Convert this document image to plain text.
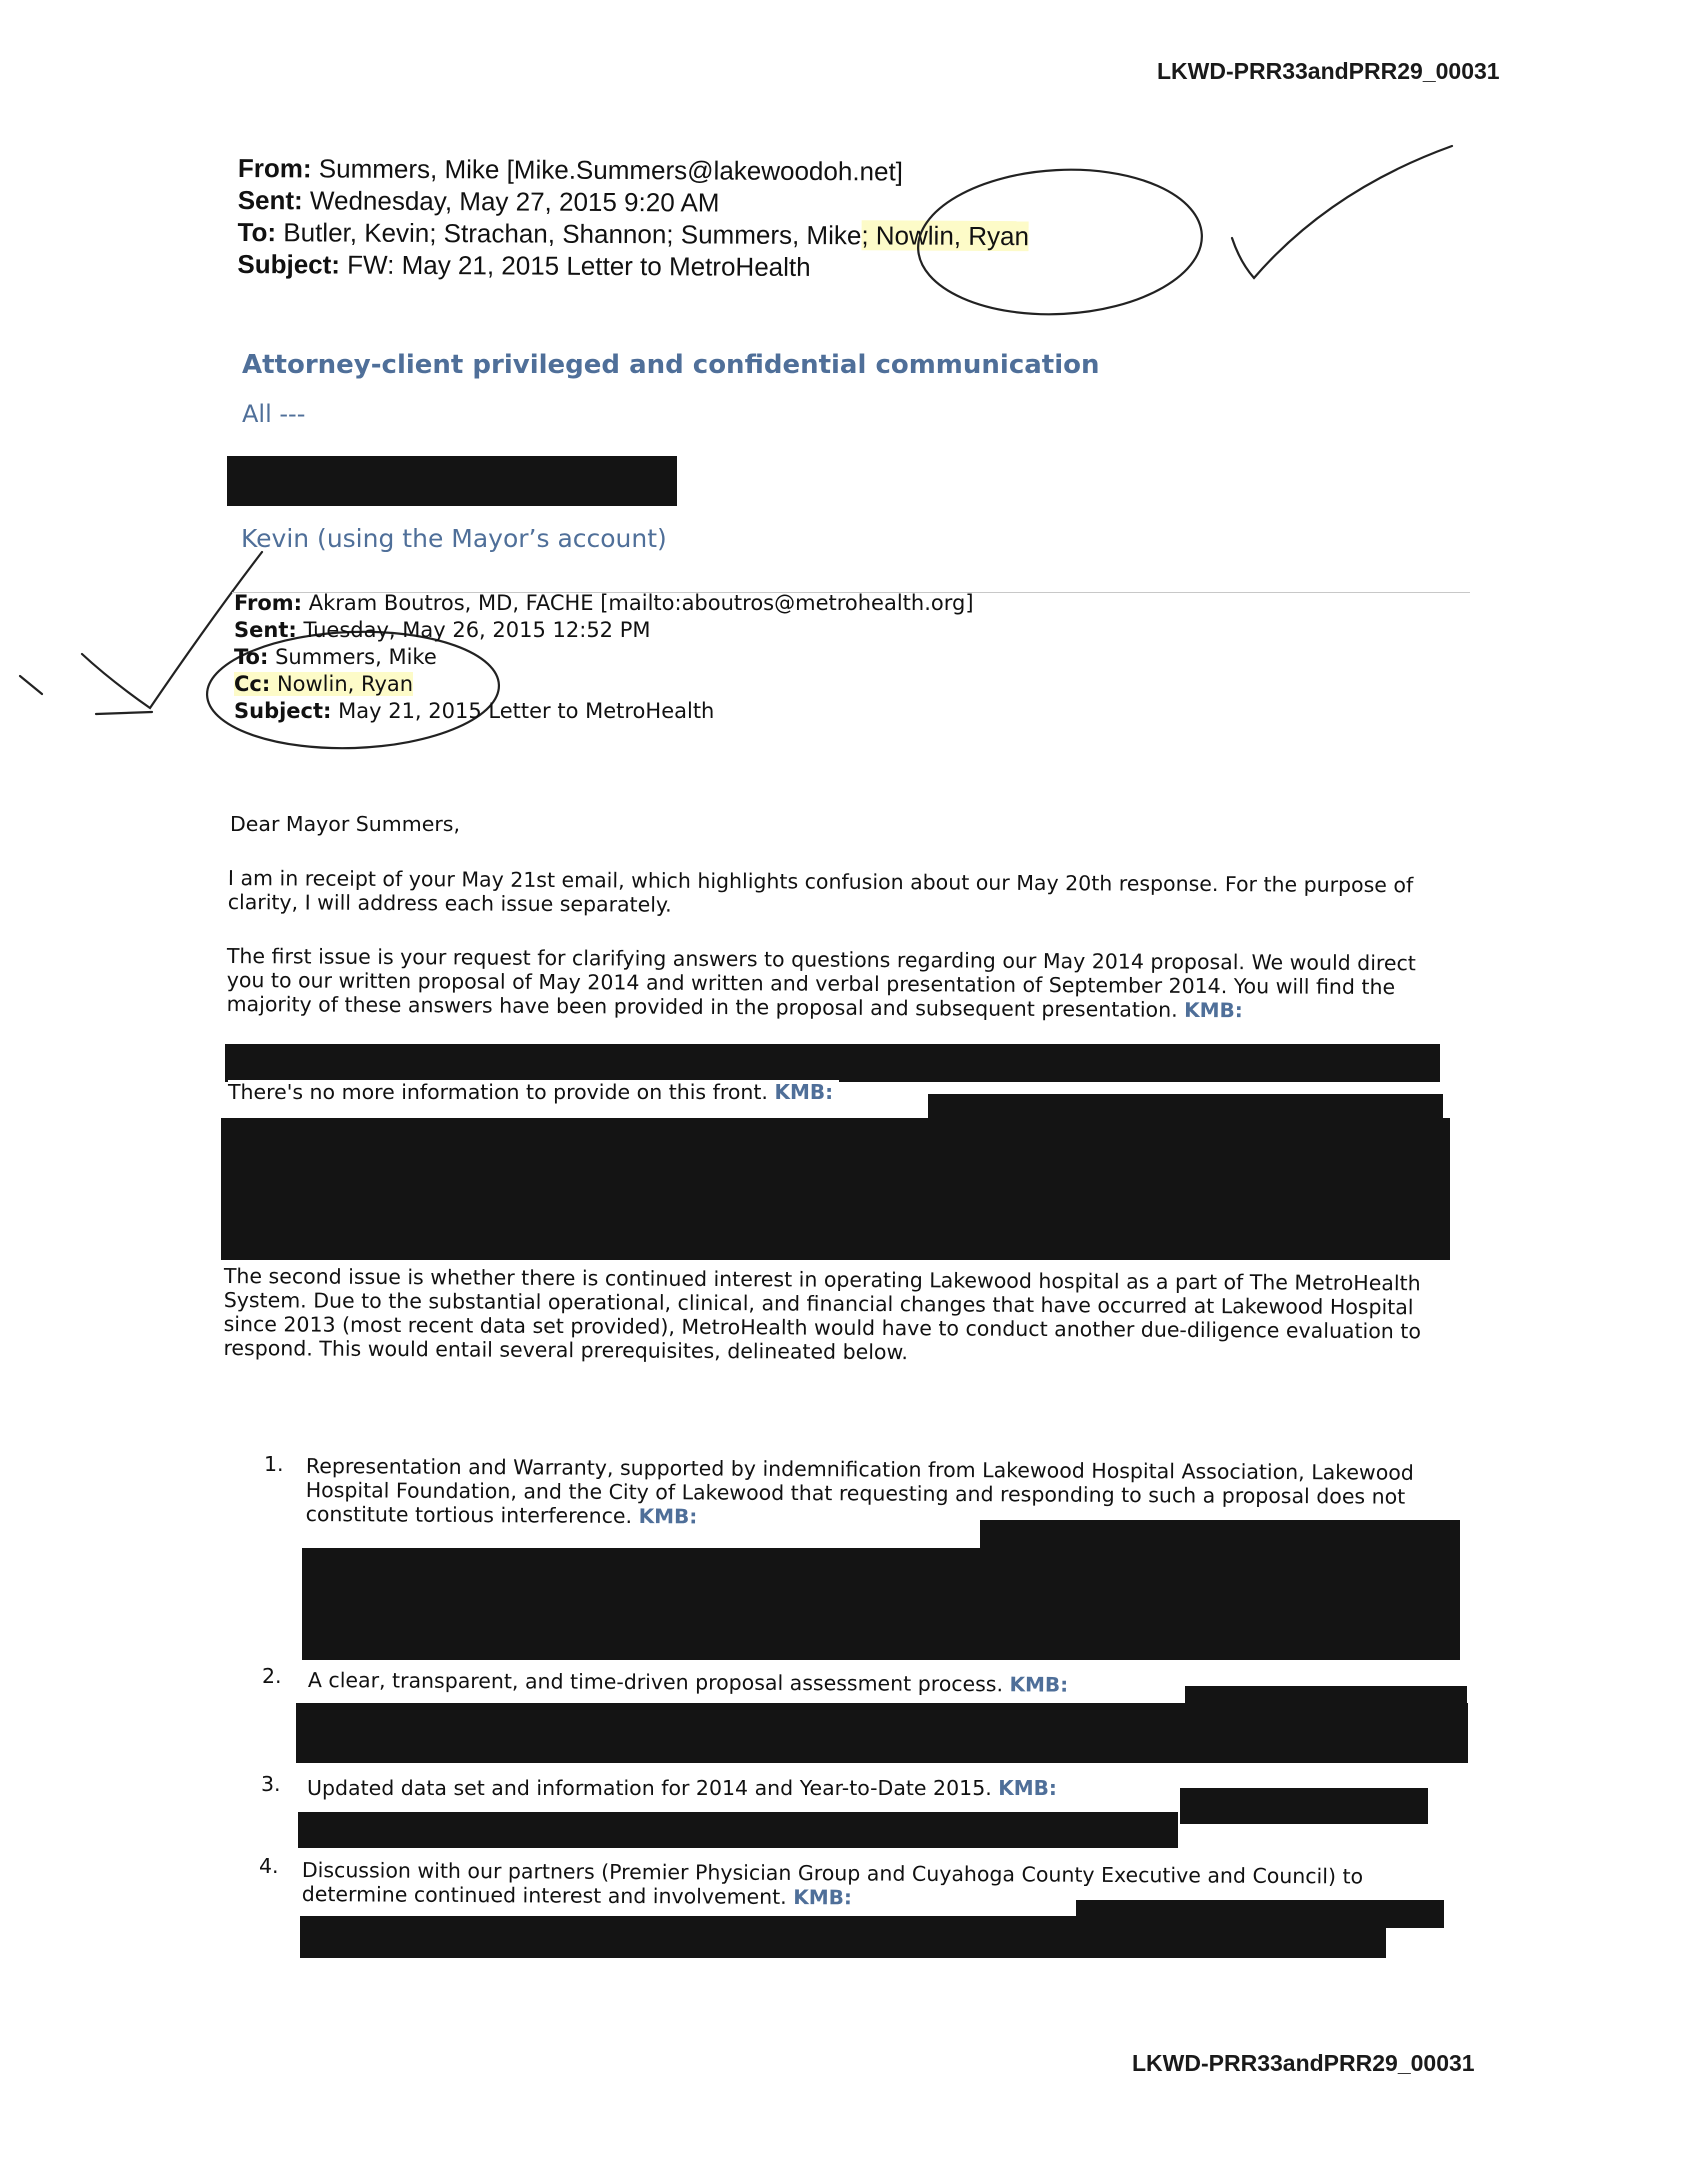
LKWD-PRR33andPRR29_00031
From: Summers, Mike [Mike.Summers@lakewoodoh.net]
Sent: Wednesday, May 27, 2015 9:20 AM
To: Butler, Kevin; Strachan, Shannon; Summers, Mike; Nowlin, Ryan
Subject: FW: May 21, 2015 Letter to MetroHealth
Attorney-client privileged and confidential communication
All ---
Kevin (using the Mayor’s account)
From: Akram Boutros, MD, FACHE [mailto:aboutros@metrohealth.org]
Sent: Tuesday, May 26, 2015 12:52 PM
To: Summers, Mike
Cc: Nowlin, Ryan
Subject: May 21, 2015 Letter to MetroHealth
Dear Mayor Summers,
I am in receipt of your May 21st email, which highlights confusion about our May 20th response. For the purpose of clarity, I will address each issue separately.
The first issue is your request for clarifying answers to questions regarding our May 2014 proposal. We would direct you to our written proposal of May 2014 and written and verbal presentation of September 2014. You will find the majority of these answers have been provided in the proposal and subsequent presentation. KMB:
There's no more information to provide on this front. KMB:
The second issue is whether there is continued interest in operating Lakewood hospital as a part of The MetroHealth System. Due to the substantial operational, clinical, and financial changes that have occurred at Lakewood Hospital since 2013 (most recent data set provided), MetroHealth would have to conduct another due-diligence evaluation to respond. This would entail several prerequisites, delineated below.
1. Representation and Warranty, supported by indemnification from Lakewood Hospital Association, Lakewood Hospital Foundation, and the City of Lakewood that requesting and responding to such a proposal does not constitute tortious interference. KMB:
2. A clear, transparent, and time-driven proposal assessment process. KMB:
3. Updated data set and information for 2014 and Year-to-Date 2015. KMB:
4. Discussion with our partners (Premier Physician Group and Cuyahoga County Executive and Council) to determine continued interest and involvement. KMB:
LKWD-PRR33andPRR29_00031
